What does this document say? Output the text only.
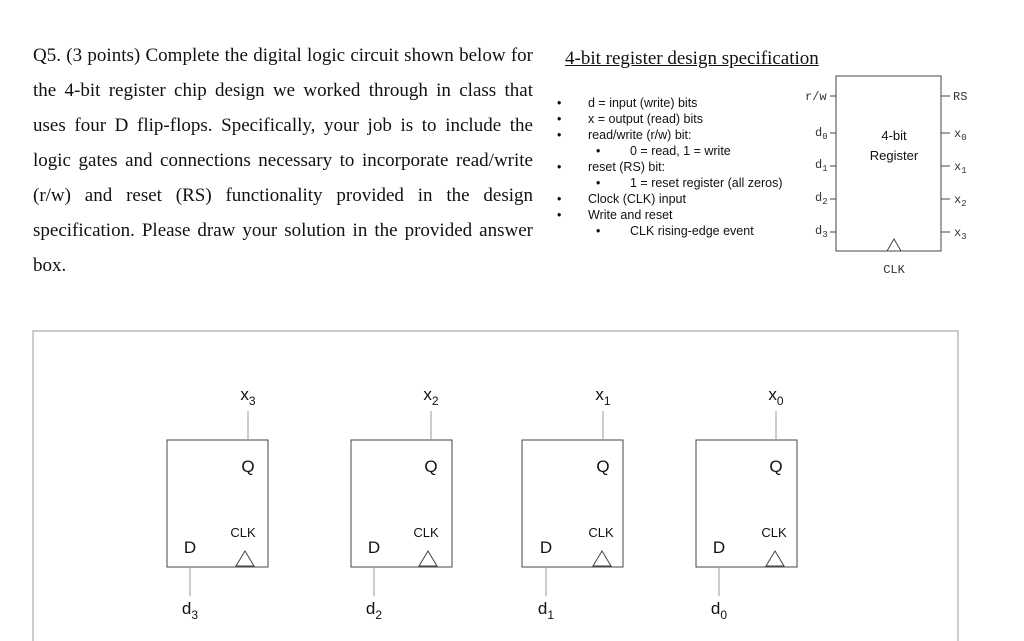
Q5. (3 points) Complete the digital logic circuit shown below for the 4-bit register chip design we worked through in class that uses four D flip-flops. Specifically, your job is to include the logic gates and connections necessary to incorporate read/write (r/w) and reset (RS) functionality provided in the design specification. Please draw your solution in the provided answer box.

4-bit register design specification

• d = input (write) bits
• x = output (read) bits
• read/write (r/w) bit:
• 0 = read, 1 = write
• reset (RS) bit:
• 1 = reset register (all zeros)
• Clock (CLK) input
• Write and reset
• CLK rising-edge event
4-bit
Register
r/w	RS
$d_0$
$d_1$
$d_2$
$d_3$
$x_0$
$x_1$
$x_2$
$x_3$
CLK
$x_3$
Q
CLK
D
$d_3$
$x_2$
Q
CLK
D
$d_2$
$x_1$
Q
CLK
D
$d_1$
$x_0$
Q
CLK
D
$d_0$
